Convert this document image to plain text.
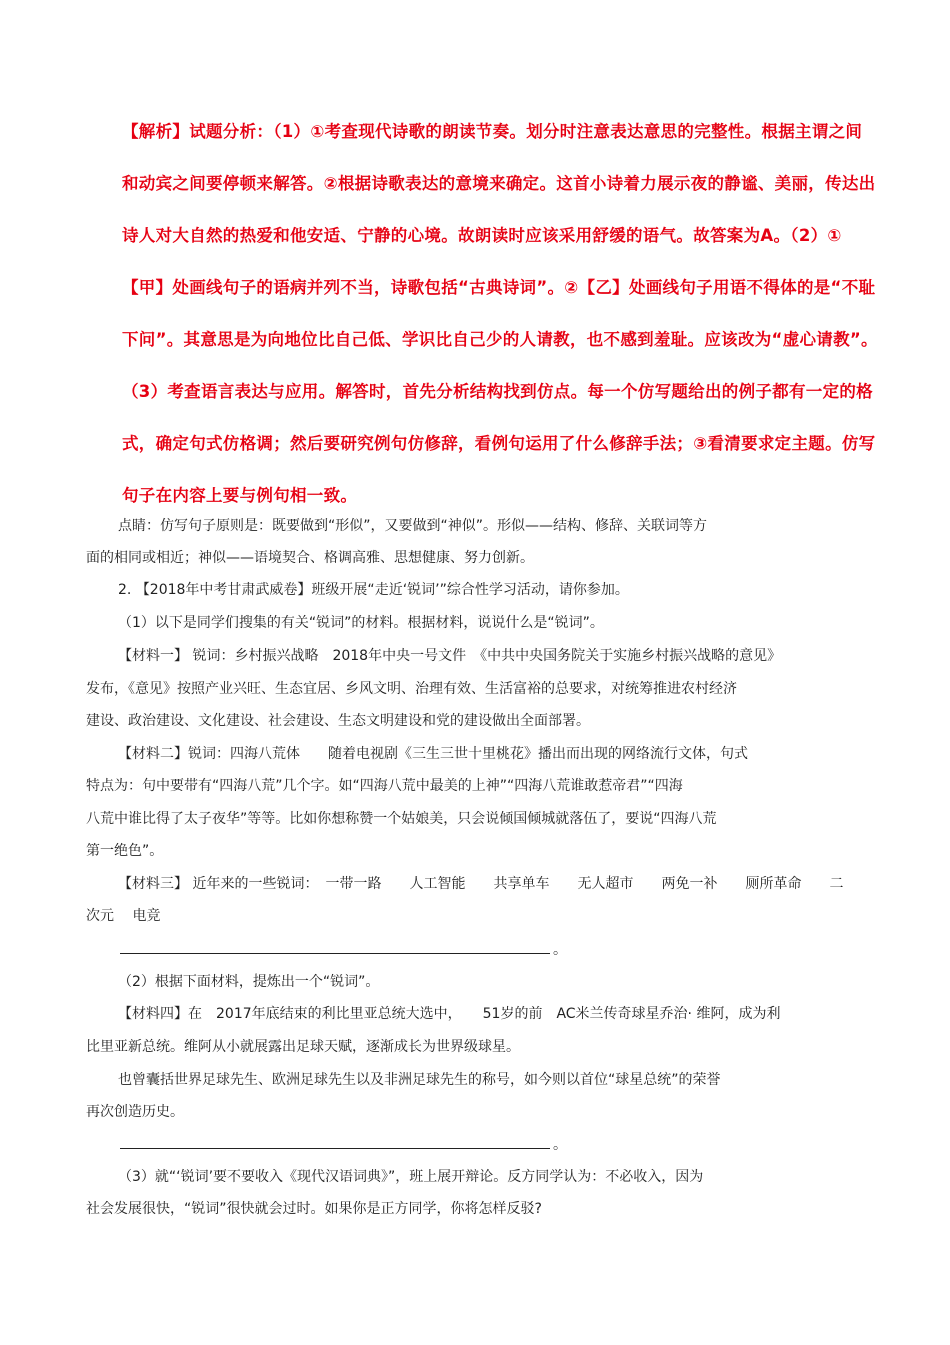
【解析】试题分析：（1）①考查现代诗歌的朗读节奏。划分时注意表达意思的完整性。根据主谓之间

和动宾之间要停顿来解答。②根据诗歌表达的意境来确定。这首小诗着力展示夜的静谧、美丽，传达出

诗人对大自然的热爱和他安适、宁静的心境。故朗读时应该采用舒缓的语气。故答案为A。（2）①

【甲】处画线句子的语病并列不当，诗歌包括“古典诗词”。②【乙】处画线句子用语不得体的是“不耻

下问”。其意思是为向地位比自己低、学识比自己少的人请教，也不感到羞耻。应该改为“虚心请教”。

（3）考查语言表达与应用。解答时，首先分析结构找到仿点。每一个仿写题给出的例子都有一定的格

式，确定句式仿格调；然后要研究例句仿修辞，看例句运用了什么修辞手法；③看清要求定主题。仿写

句子在内容上要与例句相一致。

点睛：仿写句子原则是：既要做到“形似”，又要做到“神似”。形似——结构、修辞、关联词等方

面的相同或相近；神似——语境契合、格调高雅、思想健康、努力创新。

2. 【2018年中考甘肃武威卷】班级开展“走近‘锐词’”综合性学习活动，请你参加。

（1）以下是同学们搜集的有关“锐词”的材料。根据材料，说说什么是“锐词”。

【材料一】 锐词：乡村振兴战略　2018年中央一号文件　《中共中央国务院关于实施乡村振兴战略的意见》

发布，《意见》按照产业兴旺、生态宜居、乡风文明、治理有效、生活富裕的总要求，对统筹推进农村经济

建设、政治建设、文化建设、社会建设、生态文明建设和党的建设做出全面部署。

【材料二】锐词：四海八荒体　　随着电视剧《三生三世十里桃花》播出而出现的网络流行文体，句式

特点为：句中要带有“四海八荒”几个字。如“四海八荒中最美的上神”“四海八荒谁敢惹帝君”“四海

八荒中谁比得了太子夜华”等等。比如你想称赞一个姑娘美，只会说倾国倾城就落伍了，要说“四海八荒

第一绝色”。

【材料三】 近年来的一些锐词：　一带一路　　人工智能　　共享单车　　无人超市　　两免一补　　厕所革命　　二

次元　 电竞

。

（2）根据下面材料，提炼出一个“锐词”。

【材料四】在　2017年底结束的利比里亚总统大选中，　　51岁的前　AC米兰传奇球星乔治· 维阿，成为利

比里亚新总统。维阿从小就展露出足球天赋，逐渐成长为世界级球星。

也曾囊括世界足球先生、欧洲足球先生以及非洲足球先生的称号，如今则以首位“球星总统”的荣誉

再次创造历史。

。

（3）就“‘锐词’要不要收入《现代汉语词典》”，班上展开辩论。反方同学认为：不必收入，因为

社会发展很快，“锐词”很快就会过时。如果你是正方同学，你将怎样反驳?
